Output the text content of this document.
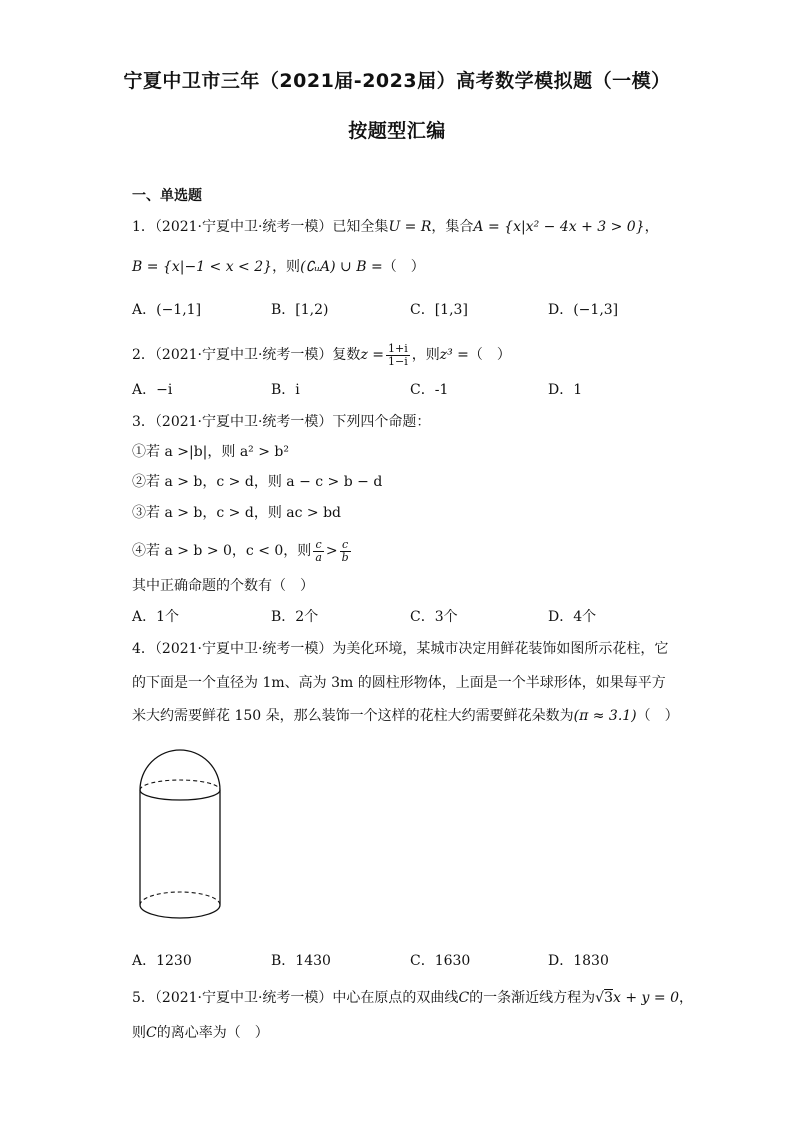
宁夏中卫市三年（2021届-2023届）高考数学模拟题（一模）
按题型汇编
一、单选题
1．（2021·宁夏中卫·统考一模）已知全集U = R，集合A = {x|x² − 4x + 3 > 0}，
B = {x|−1 < x < 2}，则(∁ᵤA) ∪ B =（　）
A．(−1,1]	B．[1,2)	C．[1,3]	D．(−1,3]
2．（2021·宁夏中卫·统考一模）复数$z = \frac{1+i}{1-i}$ ，则z³ =（　）
A．−i	B．i	C．-1	D．1
3．（2021·宁夏中卫·统考一模）下列四个命题：
①若 a >|b|，则 a² > b²
②若 a > b，c > d，则 a − c > b − d
③若 a > b，c > d，则 ac > bd
④若 a > b > 0，c < 0，则 $\frac{c}{a} > \frac{c}{b}$
其中正确命题的个数有（　）
A．1个	B．2个	C．3个	D．4个
4．（2021·宁夏中卫·统考一模）为美化环境，某城市决定用鲜花装饰如图所示花柱，它
的下面是一个直径为 1m、高为 3m 的圆柱形物体，上面是一个半球形体，如果每平方
米大约需要鲜花 150 朵，那么装饰一个这样的花柱大约需要鲜花朵数为(π ≈ 3.1)（　）
A．1230	B．1430	C．1630	D．1830
5．（2021·宁夏中卫·统考一模）中心在原点的双曲线C的一条渐近线方程为√3x + y = 0，
则C的离心率为（　）
